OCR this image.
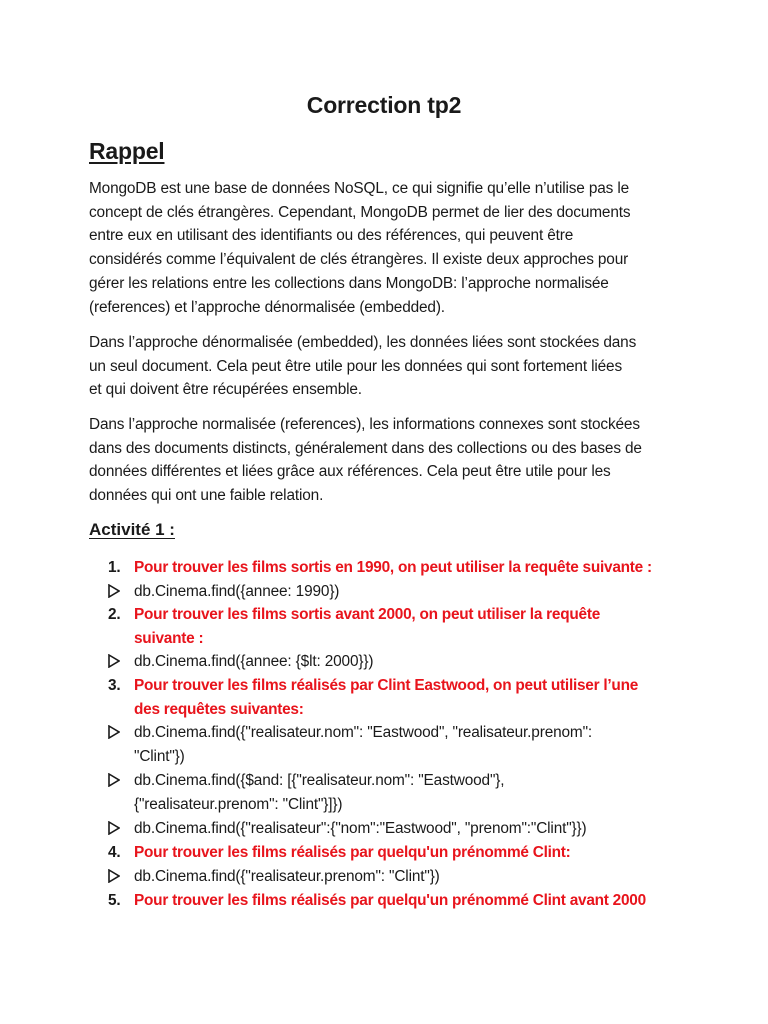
Correction tp2
Rappel
MongoDB est une base de données NoSQL, ce qui signifie qu’elle n’utilise pas le
concept de clés étrangères. Cependant, MongoDB permet de lier des documents
entre eux en utilisant des identifiants ou des références, qui peuvent être
considérés comme l’équivalent de clés étrangères. Il existe deux approches pour
gérer les relations entre les collections dans MongoDB: l’approche normalisée
(references) et l’approche dénormalisée (embedded).
Dans l’approche dénormalisée (embedded), les données liées sont stockées dans
un seul document. Cela peut être utile pour les données qui sont fortement liées
et qui doivent être récupérées ensemble.
Dans l’approche normalisée (references), les informations connexes sont stockées
dans des documents distincts, généralement dans des collections ou des bases de
données différentes et liées grâce aux références. Cela peut être utile pour les
données qui ont une faible relation.
Activité 1 :
1. Pour trouver les films sortis en 1990, on peut utiliser la requête suivante :
db.Cinema.find({annee: 1990})
2. Pour trouver les films sortis avant 2000, on peut utiliser la requête
suivante :
db.Cinema.find({annee: {$lt: 2000}})
3. Pour trouver les films réalisés par Clint Eastwood, on peut utiliser l’une
des requêtes suivantes:
db.Cinema.find({"realisateur.nom": "Eastwood", "realisateur.prenom":
"Clint"})
db.Cinema.find({$and: [{"realisateur.nom": "Eastwood"},
{"realisateur.prenom": "Clint"}]})
db.Cinema.find({"realisateur":{"nom":"Eastwood", "prenom":"Clint"}})
4. Pour trouver les films réalisés par quelqu'un prénommé Clint:
db.Cinema.find({"realisateur.prenom": "Clint"})
5. Pour trouver les films réalisés par quelqu'un prénommé Clint avant 2000
